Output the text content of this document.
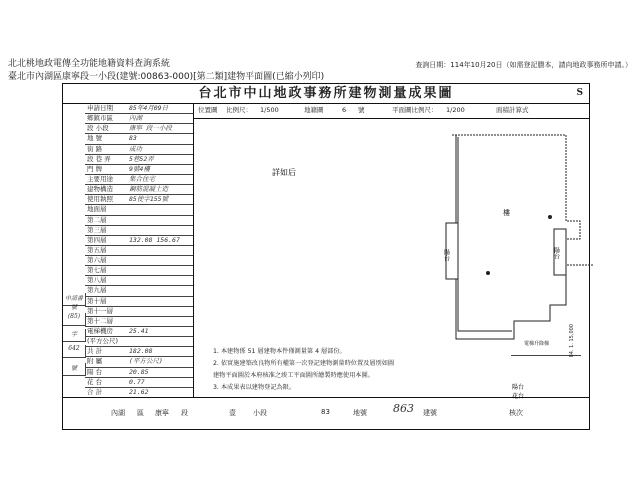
北北桃地政電傳全功能地籍資料查詢系統
臺北市內湖區康寧段一小段(建號:00863-000)[第二類]建物平面圖(已縮小列印)
查詢日期：114年10月20日（如需登記謄本，請向地政事務所申請。）
台北市中山地政事務所建物測量成果圖	S
申請日期 85年4月09日
鄉鎮市區 內湖
段 小段	康寧 段一小段
地 號	83
街 路	成功
段 巷 弄	5巷52弄
門 牌	9號4樓
主要用途 集合住宅
建物構造 鋼筋混凝土造
使用執照 85使字155號
地面層
第二層
第三層
第四層	132.08 156.67
第五層
第六層
第七層
第八層
第九層
第十層
第十一層
第十二層
電梯機房 25.41
(平方公尺)
共 計	182.08
附 屬	(平方公尺)
陽 台	20.85
花 台	0.77
合 計	21.62
申請書號
(85)
字
642
號
位置圖 比例尺： 1/500	地籍圖	6 號	平面圖比例尺： 1/200	面積計算式
詳如后
陽台	陽台
樓
電梯升降梯
陽台
花台
1. 本建物係 51 層建物本件僅測量第 4 層部份。
2. 依實施建築改良物所有權第一次登記建物測量時位置及層別如圖
建物平面圖於本府核准之竣工平面圖所繪製時應使用本圖。
3. 本成果表以建物登記為限。
84. 1. 15,000
內湖 區 康寧 段	壹 小段	83	地號 863 建號	核次
